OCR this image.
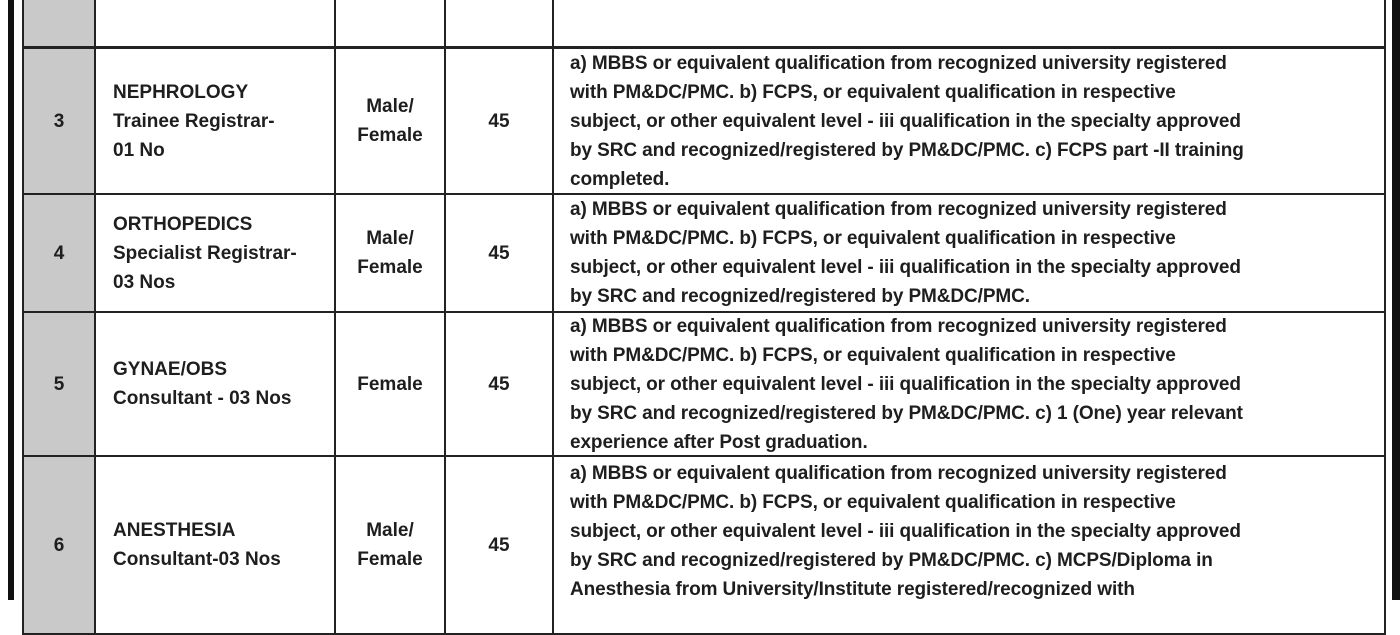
3
NEPHROLOGY
Trainee Registrar-
01 No
Male/
Female
45
a) MBBS or equivalent qualification from recognized university registered
with PM&DC/PMC. b) FCPS, or equivalent qualification in respective
subject, or other equivalent level - iii qualification in the specialty approved
by SRC and recognized/registered by PM&DC/PMC. c) FCPS part -II training
completed.
4
ORTHOPEDICS
Specialist Registrar-
03 Nos
Male/
Female
45
a) MBBS or equivalent qualification from recognized university registered
with PM&DC/PMC. b) FCPS, or equivalent qualification in respective
subject, or other equivalent level - iii qualification in the specialty approved
by SRC and recognized/registered by PM&DC/PMC.
5
GYNAE/OBS
Consultant - 03 Nos
Female	45
a) MBBS or equivalent qualification from recognized university registered
with PM&DC/PMC. b) FCPS, or equivalent qualification in respective
subject, or other equivalent level - iii qualification in the specialty approved
by SRC and recognized/registered by PM&DC/PMC. c) 1 (One) year relevant
experience after Post graduation.
6
ANESTHESIA
Consultant-03 Nos
Male/
Female
45
a) MBBS or equivalent qualification from recognized university registered
with PM&DC/PMC. b) FCPS, or equivalent qualification in respective
subject, or other equivalent level - iii qualification in the specialty approved
by SRC and recognized/registered by PM&DC/PMC. c) MCPS/Diploma in
Anesthesia from University/Institute registered/recognized with
